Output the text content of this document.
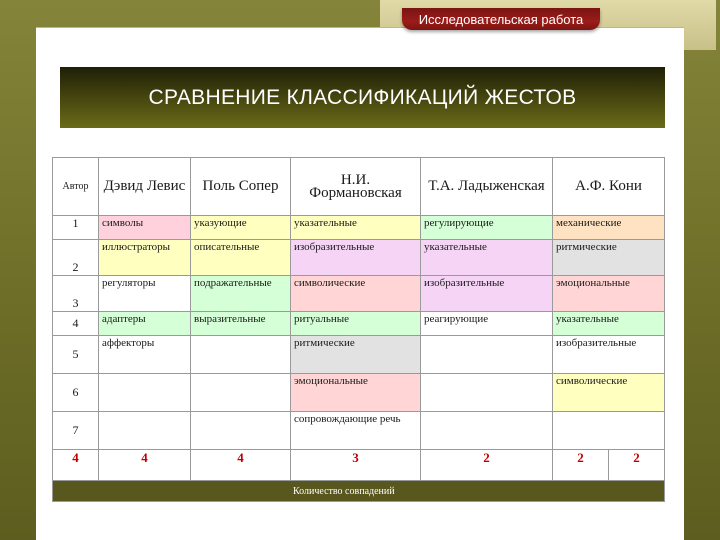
Исследовательская работа
СРАВНЕНИЕ КЛАССИФИКАЦИЙ ЖЕСТОВ
Автор	Дэвид Левис	Поль Сопер	Н.И. Формановская	Т.А. Ладыженская	А.Ф. Кони	
1	символы	указующие	указательные	регулирующие	механические	
2	иллюстраторы	описательные	изобразительные	указательные	ритмические	
3	регуляторы	подражательные	символические	изобразительные	эмоциональные	
4	адаптеры	выразительные	ритуальные	реагирующие	указательные	
5	аффекторы		ритмические		изобразительные	
6			эмоциональные		символические	
7			сопровождающие речь			
4	4	4	3	2	2	2
Количество совпадений						
